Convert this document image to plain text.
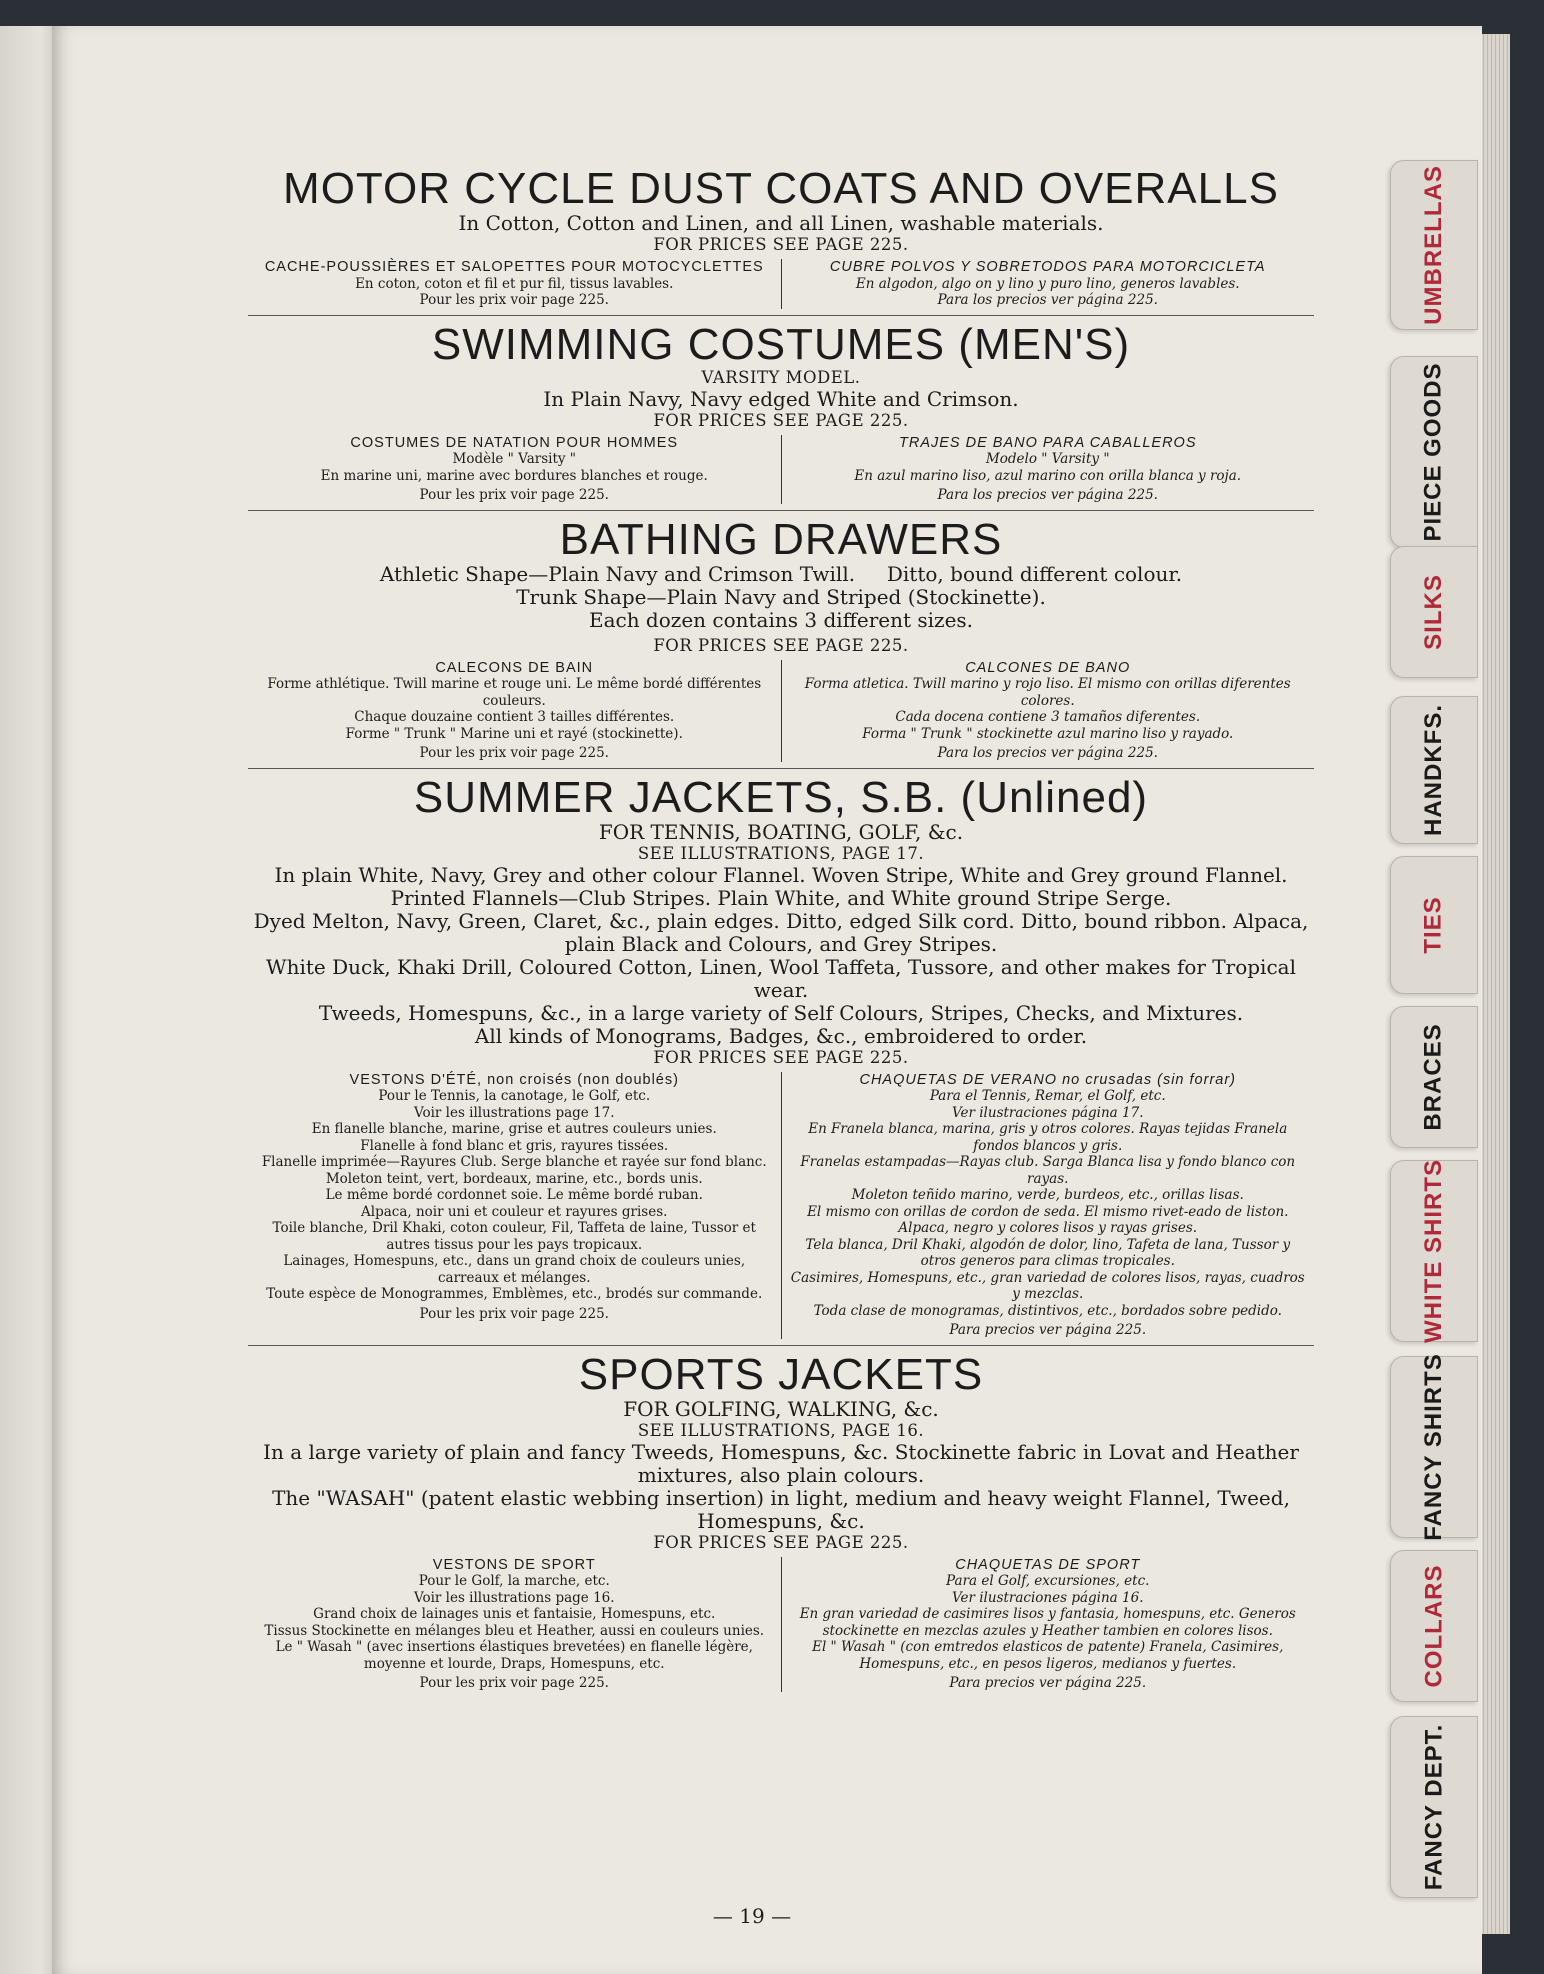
MOTOR CYCLE DUST COATS AND OVERALLS
In Cotton, Cotton and Linen, and all Linen, washable materials.
FOR PRICES SEE PAGE 225.
CACHE-POUSSIÈRES ET SALOPETTES POUR MOTOCYCLETTES
En coton, coton et fil et pur fil, tissus lavables.
Pour les prix voir page 225.
CUBRE POLVOS Y SOBRETODOS PARA MOTORCICLETA
En algodon, algo on y lino y puro lino, generos lavables.
Para los precios ver página 225.
SWIMMING COSTUMES (MEN'S)
VARSITY MODEL.
In Plain Navy, Navy edged White and Crimson.
FOR PRICES SEE PAGE 225.
COSTUMES DE NATATION POUR HOMMES
Modèle " Varsity "
En marine uni, marine avec bordures blanches et rouge.
Pour les prix voir page 225.
TRAJES DE BANO PARA CABALLEROS
Modelo " Varsity "
En azul marino liso, azul marino con orilla blanca y roja.
Para los precios ver página 225.
BATHING DRAWERS
Athletic Shape—Plain Navy and Crimson Twill.     Ditto, bound different colour.
Trunk Shape—Plain Navy and Striped (Stockinette).
Each dozen contains 3 different sizes.
FOR PRICES SEE PAGE 225.
CALECONS DE BAIN
Forme athlétique. Twill marine et rouge uni. Le même bordé différentes couleurs.
Chaque douzaine contient 3 tailles différentes.
Forme " Trunk " Marine uni et rayé (stockinette).
Pour les prix voir page 225.
CALCONES DE BANO
Forma atletica. Twill marino y rojo liso. El mismo con orillas diferentes colores.
Cada docena contiene 3 tamaños diferentes.
Forma " Trunk " stockinette azul marino liso y rayado.
Para los precios ver página 225.
SUMMER JACKETS, S.B. (Unlined)
FOR TENNIS, BOATING, GOLF, &c.
SEE ILLUSTRATIONS, PAGE 17.
In plain White, Navy, Grey and other colour Flannel. Woven Stripe, White and Grey ground Flannel.
Printed Flannels—Club Stripes. Plain White, and White ground Stripe Serge.
Dyed Melton, Navy, Green, Claret, &c., plain edges. Ditto, edged Silk cord. Ditto, bound ribbon. Alpaca, plain Black and Colours, and Grey Stripes.
White Duck, Khaki Drill, Coloured Cotton, Linen, Wool Taffeta, Tussore, and other makes for Tropical wear.
Tweeds, Homespuns, &c., in a large variety of Self Colours, Stripes, Checks, and Mixtures.
All kinds of Monograms, Badges, &c., embroidered to order.
FOR PRICES SEE PAGE 225.
VESTONS D'ÉTÉ, non croisés (non doublés)
Pour le Tennis, la canotage, le Golf, etc.
Voir les illustrations page 17.
En flanelle blanche, marine, grise et autres couleurs unies.
Flanelle à fond blanc et gris, rayures tissées.
Flanelle imprimée—Rayures Club. Serge blanche et rayée sur fond blanc. Moleton teint, vert, bordeaux, marine, etc., bords unis.
Le même bordé cordonnet soie. Le même bordé ruban.
Alpaca, noir uni et couleur et rayures grises.
Toile blanche, Dril Khaki, coton couleur, Fil, Taffeta de laine, Tussor et autres tissus pour les pays tropicaux.
Lainages, Homespuns, etc., dans un grand choix de couleurs unies, carreaux et mélanges.
Toute espèce de Monogrammes, Emblèmes, etc., brodés sur commande.
Pour les prix voir page 225.
CHAQUETAS DE VERANO no crusadas (sin forrar)
Para el Tennis, Remar, el Golf, etc.
Ver ilustraciones página 17.
En Franela blanca, marina, gris y otros colores. Rayas tejidas Franela fondos blancos y gris.
Franelas estampadas—Rayas club. Sarga Blanca lisa y fondo blanco con rayas.
Moleton teñido marino, verde, burdeos, etc., orillas lisas.
El mismo con orillas de cordon de seda. El mismo rivet-eado de liston.
Alpaca, negro y colores lisos y rayas grises.
Tela blanca, Dril Khaki, algodón de dolor, lino, Tafeta de lana, Tussor y otros generos para climas tropicales.
Casimires, Homespuns, etc., gran variedad de colores lisos, rayas, cuadros y mezclas.
Toda clase de monogramas, distintivos, etc., bordados sobre pedido.
Para precios ver página 225.
SPORTS JACKETS
FOR GOLFING, WALKING, &c.
SEE ILLUSTRATIONS, PAGE 16.
In a large variety of plain and fancy Tweeds, Homespuns, &c. Stockinette fabric in Lovat and Heather mixtures, also plain colours.
The "WASAH" (patent elastic webbing insertion) in light, medium and heavy weight Flannel, Tweed, Homespuns, &c.
FOR PRICES SEE PAGE 225.
VESTONS DE SPORT
Pour le Golf, la marche, etc.
Voir les illustrations page 16.
Grand choix de lainages unis et fantaisie, Homespuns, etc.
Tissus Stockinette en mélanges bleu et Heather, aussi en couleurs unies.
Le " Wasah " (avec insertions élastiques brevetées) en flanelle légère, moyenne et lourde, Draps, Homespuns, etc.
Pour les prix voir page 225.
CHAQUETAS DE SPORT
Para el Golf, excursiones, etc.
Ver ilustraciones página 16.
En gran variedad de casimires lisos y fantasia, homespuns, etc. Generos stockinette en mezclas azules y Heather tambien en colores lisos.
El " Wasah " (con emtredos elasticos de patente) Franela, Casimires, Homespuns, etc., en pesos ligeros, medianos y fuertes.
Para precios ver página 225.
— 19 —
UMBRELLAS
PIECE GOODS
SILKS
HANDKFS.
TIES
BRACES
WHITE SHIRTS
FANCY SHIRTS
COLLARS
FANCY DEPT.
